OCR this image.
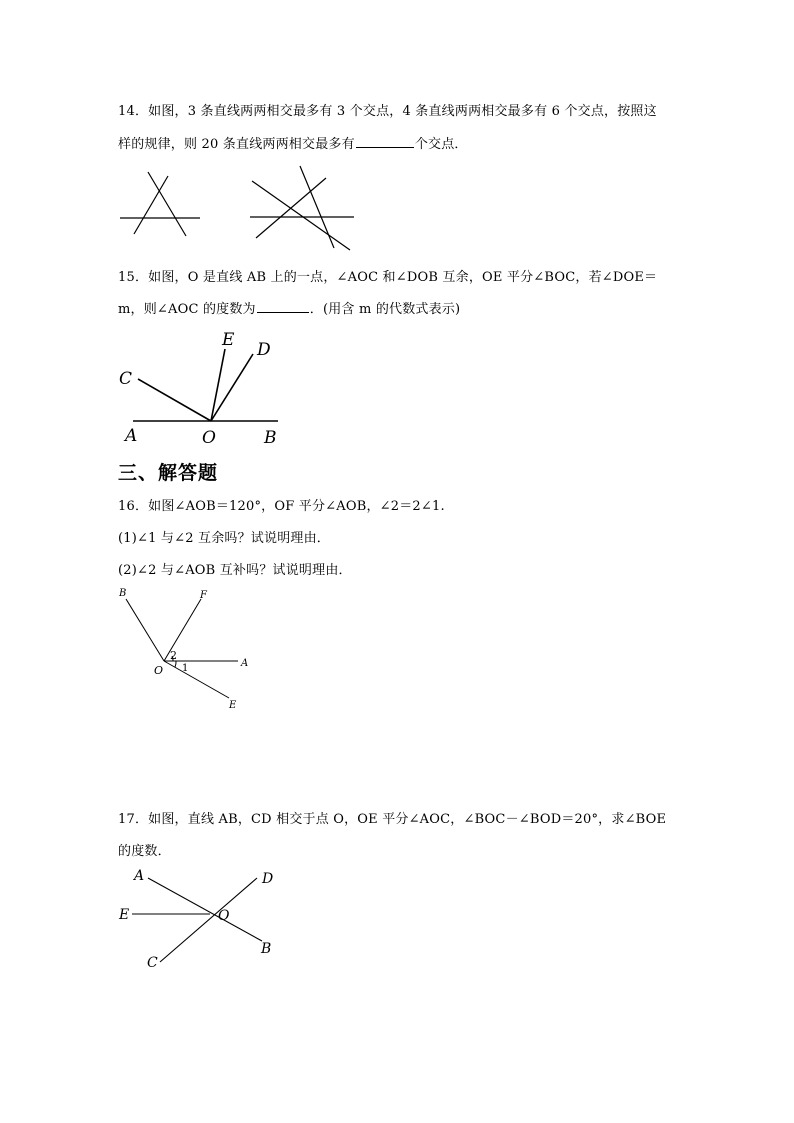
14．如图，3 条直线两两相交最多有 3 个交点，4 条直线两两相交最多有 6 个交点，按照这
样的规律，则 20 条直线两两相交最多有	个交点．
15．如图，O 是直线 AB 上的一点，∠AOC 和∠DOB 互余，OE 平分∠BOC，若∠DOE＝
m，则∠AOC 的度数为	．(用含 m 的代数式表示)
C
E D
A	O	B
三、解答题
16．如图∠AOB＝120°，OF 平分∠AOB，∠2＝2∠1.
(1)∠1 与∠2 互余吗？试说明理由．
(2)∠2 与∠AOB 互补吗？试说明理由．
B	F
A
O
E
2
1
17．如图，直线 AB，CD 相交于点 O，OE 平分∠AOC，∠BOC－∠BOD＝20°，求∠BOE
的度数．
A	D
E	O
C
B
